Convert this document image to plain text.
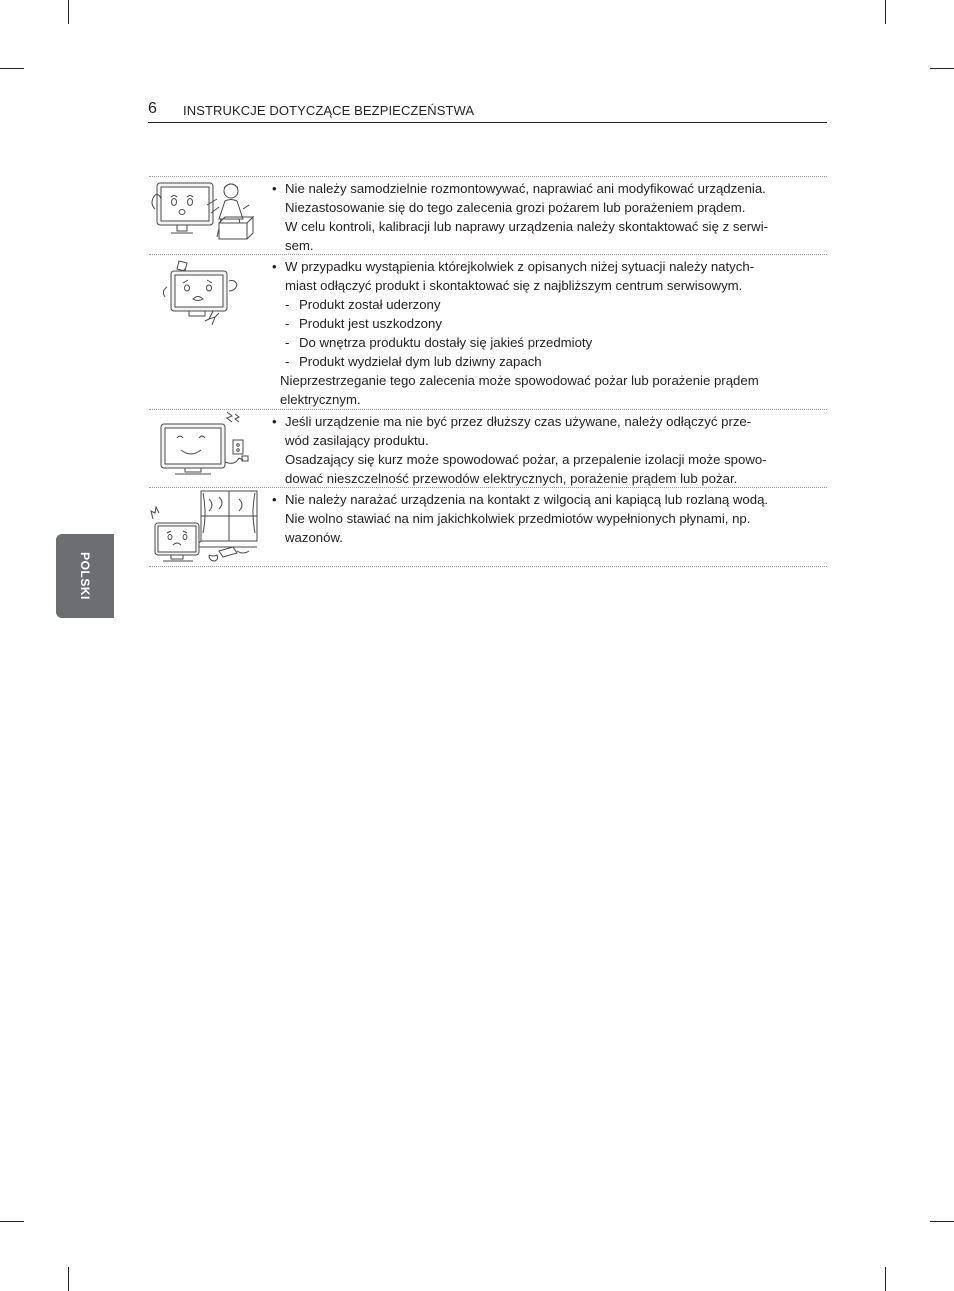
6 INSTRUKCJE DOTYCZĄCE BEZPIECZEŃSTWA
POLSKI

• Nie należy samodzielnie rozmontowywać, naprawiać ani modyfikować urządzenia.

Niezastosowanie się do tego zalecenia grozi pożarem lub porażeniem prądem.

W celu kontroli, kalibracji lub naprawy urządzenia należy skontaktować się z serwi-

sem.

• W przypadku wystąpienia którejkolwiek z opisanych niżej sytuacji należy natych-

miast odłączyć produkt i skontaktować się z najbliższym centrum serwisowym.

- Produkt został uderzony

- Produkt jest uszkodzony

- Do wnętrza produktu dostały się jakieś przedmioty

- Produkt wydzielał dym lub dziwny zapach

Nieprzestrzeganie tego zalecenia może spowodować pożar lub porażenie prądem

elektrycznym.

• Jeśli urządzenie ma nie być przez dłuższy czas używane, należy odłączyć prze-

wód zasilający produktu.

Osadzający się kurz może spowodować pożar, a przepalenie izolacji może spowo-

dować nieszczelność przewodów elektrycznych, porażenie prądem lub pożar.

• Nie należy narażać urządzenia na kontakt z wilgocią ani kapiącą lub rozlaną wodą.

Nie wolno stawiać na nim jakichkolwiek przedmiotów wypełnionych płynami, np.

wazonów.
